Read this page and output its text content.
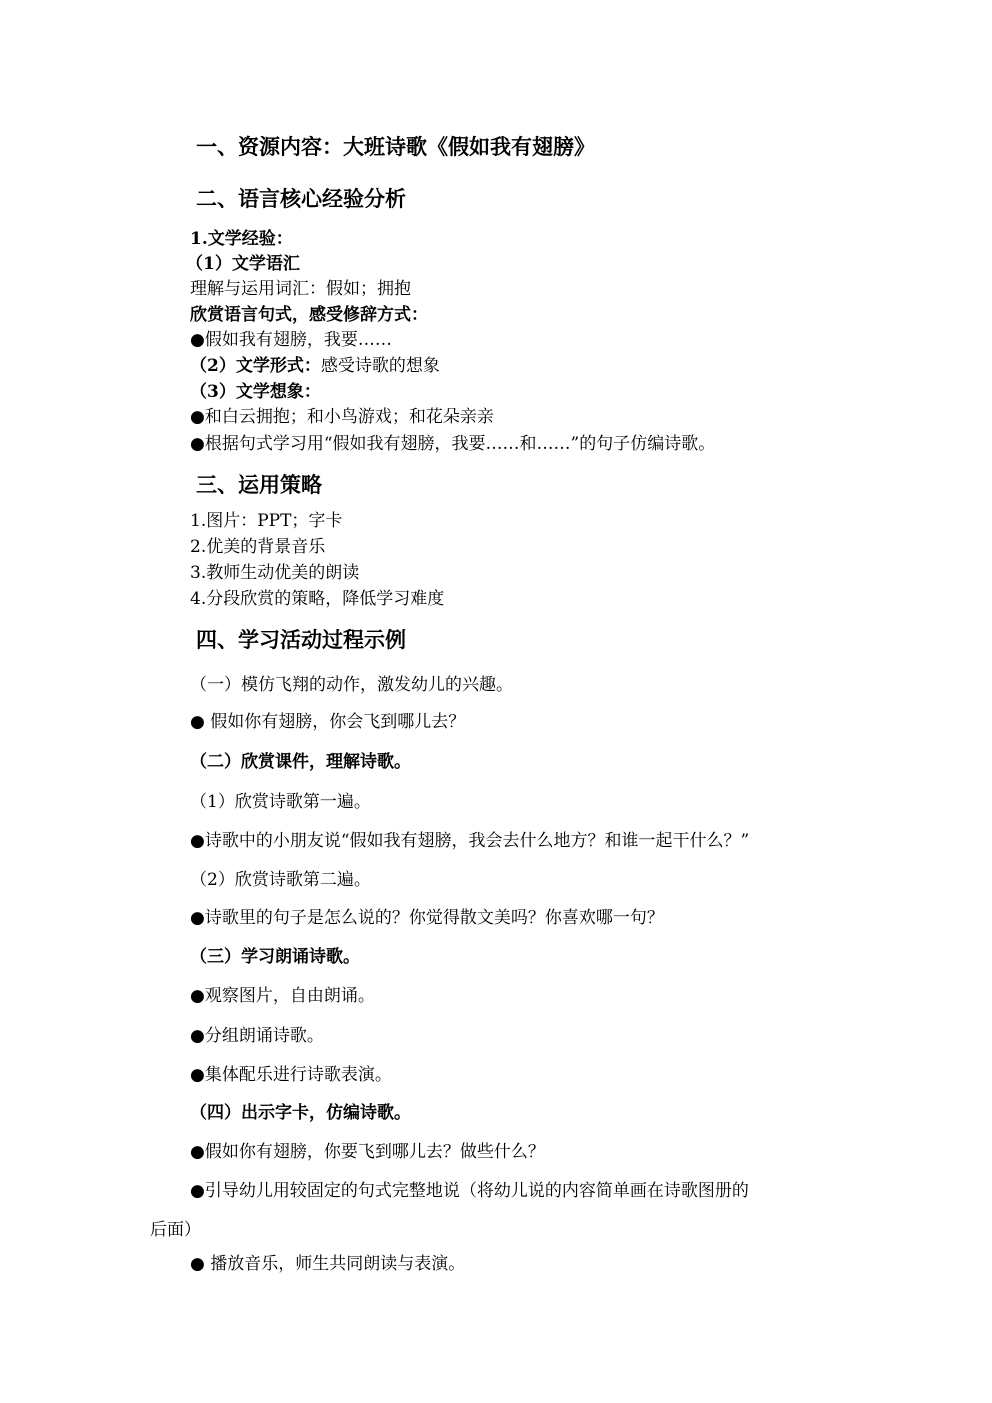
一、资源内容：大班诗歌《假如我有翅膀》
二、语言核心经验分析
1.文学经验：
（1）文学语汇
理解与运用词汇：假如；拥抱
欣赏语言句式，感受修辞方式：
●假如我有翅膀，我要……
（2）文学形式：感受诗歌的想象
（3）文学想象：
●和白云拥抱；和小鸟游戏；和花朵亲亲
●根据句式学习用“假如我有翅膀，我要……和……”的句子仿编诗歌。
三、运用策略
1.图片：PPT；字卡
2.优美的背景音乐
3.教师生动优美的朗读
4.分段欣赏的策略，降低学习难度
四、学习活动过程示例
（一）模仿飞翔的动作，激发幼儿的兴趣。
● 假如你有翅膀，你会飞到哪儿去？
（二）欣赏课件，理解诗歌。
（1）欣赏诗歌第一遍。
●诗歌中的小朋友说“假如我有翅膀，我会去什么地方？和谁一起干什么？”
（2）欣赏诗歌第二遍。
●诗歌里的句子是怎么说的？你觉得散文美吗？你喜欢哪一句？
（三）学习朗诵诗歌。
●观察图片，自由朗诵。
●分组朗诵诗歌。
●集体配乐进行诗歌表演。
（四）出示字卡，仿编诗歌。
●假如你有翅膀，你要飞到哪儿去？做些什么？
●引导幼儿用较固定的句式完整地说（将幼儿说的内容简单画在诗歌图册的
后面）
● 播放音乐，师生共同朗读与表演。
